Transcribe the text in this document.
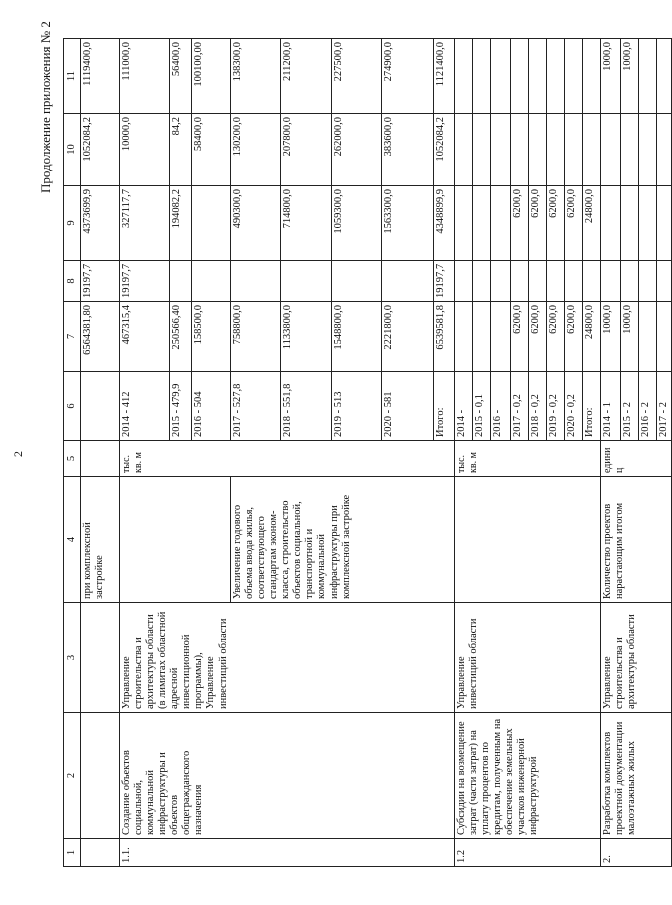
2
Продолжение приложения № 2
1	2	3	4	5	6	7	8	9	10	11
			при комплексной застройке			6564381,80	19197,7	4373699,9	1052084,2	1119400,0
1.1.	Создание объектов социальной, коммунальной инфраструктуры и объектов общегражданского назначения	Управление строительства и архитектуры области (в лимитах областной адресной инвестиционной программы), Управление инвестиций области		тыс. кв. м	2014 - 412	467315,4	19197,7	327117,7	10000,0	111000,0
					2015 - 479,9	250566,40		194082,2	84,2	56400,0
					2016 - 504	158500,0			58400,0	100100,00
			Увеличение годового объема ввода жилья, соответствующего стандартам эконом-класса, строительство объектов социальной, транспортной и коммунальной инфраструктуры при комплексной застройке		2017 - 527,8	758800,0		490300,0	130200,0	138300,0
					2018 - 551,8	1133800,0		714800,0	207800,0	211200,0
					2019 - 513	1548800,0		1059300,0	262000,0	227500,0
					2020 - 581	2221800,0		1563300,0	383600,0	274900,0
					Итого:	6539581,8	19197,7	4348899,9	1052084,2	1121400,0
1.2	Субсидии на возмещение затрат (части затрат) на уплату процентов по кредитам, полученным на обеспечение земельных участков инженерной инфраструктурой	Управление инвестиций области		тыс. кв. м	2014 -					
					2015 - 0,1					
					2016 -					
					2017 - 0,2	6200,0		6200,0		
					2018 - 0,2	6200,0		6200,0		
					2019 - 0,2	6200,0		6200,0		
					2020 - 0,2	6200,0		6200,0		
					Итого:	24800,0		24800,0		
2.	Разработка комплектов проектной документации малоэтажных жилых	Управление строительства и архитектуры области	Количество проектов нарастающим итогом	единиц	2014 - 1	1000,0				1000,0
					2015 - 2	1000,0				1000,0
					2016 - 2					
					2017 - 2					
